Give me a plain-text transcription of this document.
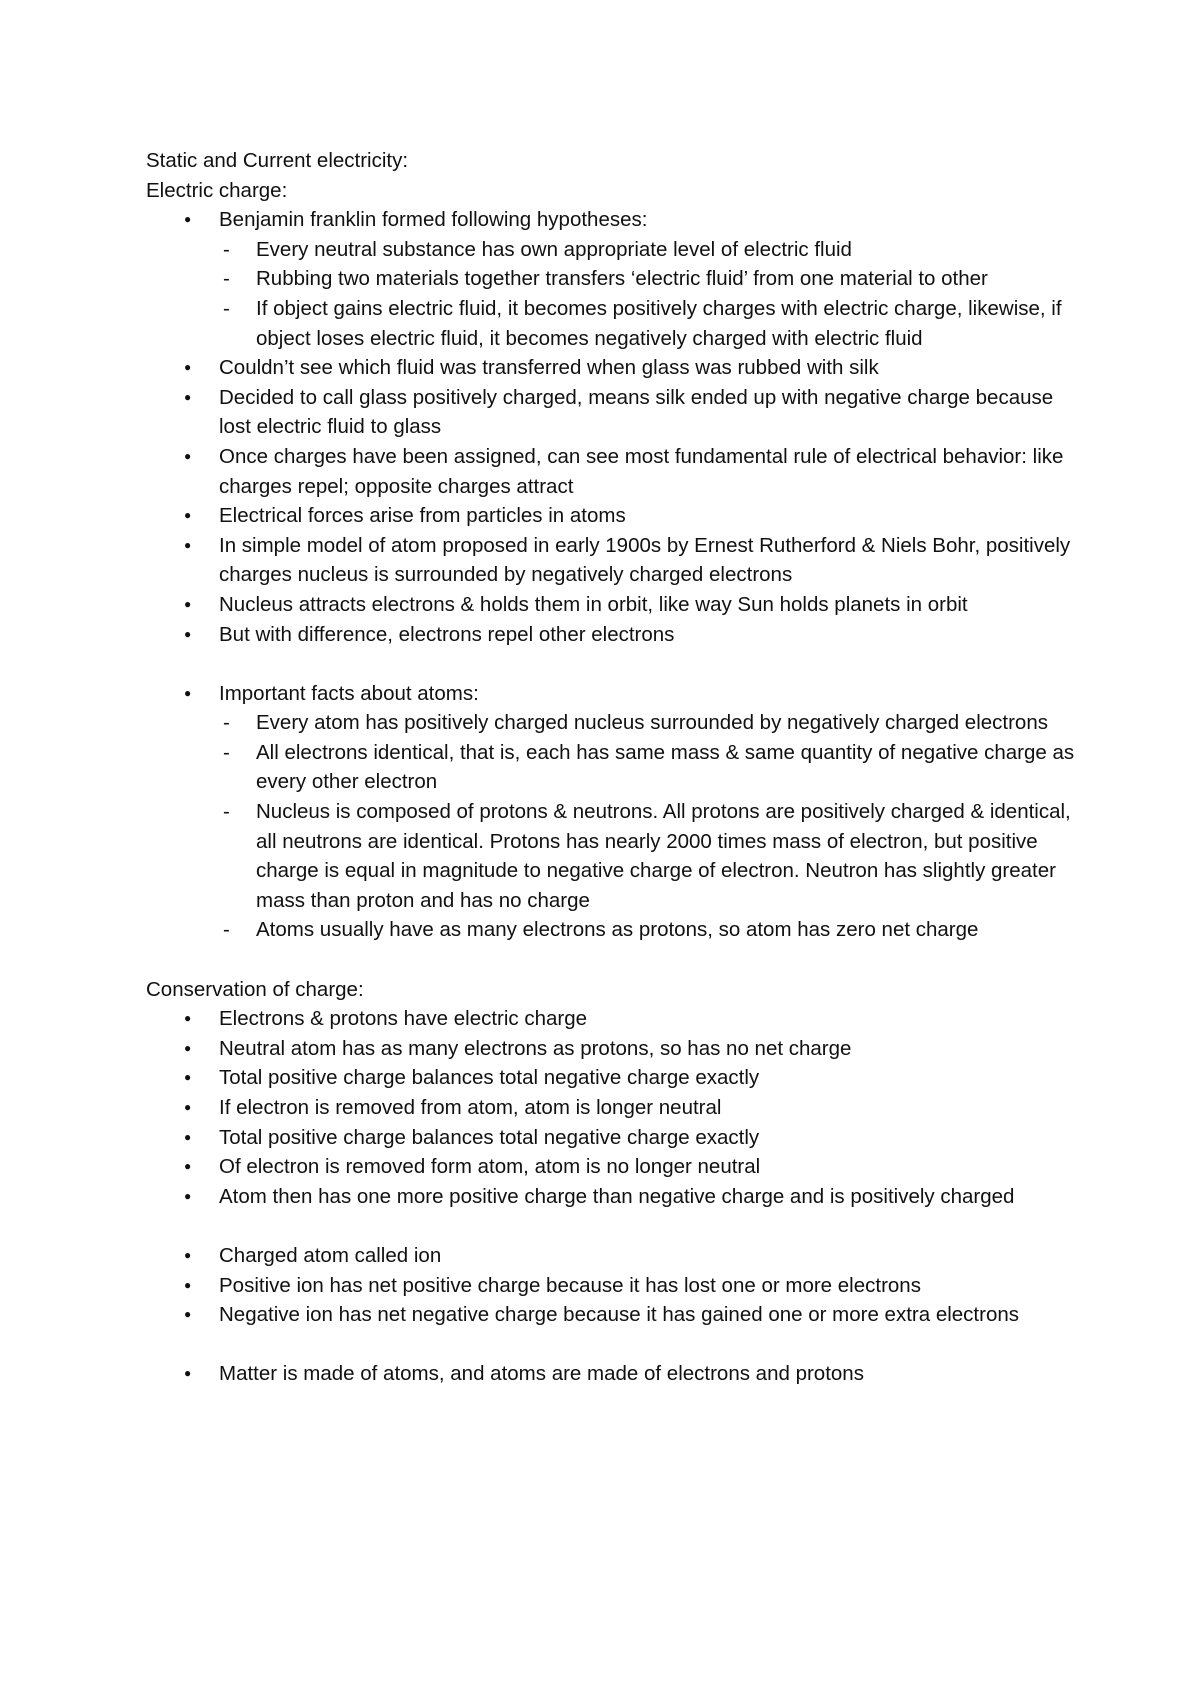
Static and Current electricity:

Electric charge:

● Benjamin franklin formed following hypotheses:
- Every neutral substance has own appropriate level of electric fluid
- Rubbing two materials together transfers ‘electric fluid’ from one material to other
- If object gains electric fluid, it becomes positively charges with electric charge, likewise, if object loses electric fluid, it becomes negatively charged with electric fluid
● Couldn’t see which fluid was transferred when glass was rubbed with silk
● Decided to call glass positively charged, means silk ended up with negative charge because lost electric fluid to glass
● Once charges have been assigned, can see most fundamental rule of electrical behavior: like charges repel; opposite charges attract
● Electrical forces arise from particles in atoms
● In simple model of atom proposed in early 1900s by Ernest Rutherford & Niels Bohr, positively charges nucleus is surrounded by negatively charged electrons
● Nucleus attracts electrons & holds them in orbit, like way Sun holds planets in orbit
● But with difference, electrons repel other electrons
● Important facts about atoms:
- Every atom has positively charged nucleus surrounded by negatively charged electrons
- All electrons identical, that is, each has same mass & same quantity of negative charge as every other electron
- Nucleus is composed of protons & neutrons. All protons are positively charged & identical, all neutrons are identical. Protons has nearly 2000 times mass of electron, but positive charge is equal in magnitude to negative charge of electron. Neutron has slightly greater mass than proton and has no charge
- Atoms usually have as many electrons as protons, so atom has zero net charge

Conservation of charge:

● Electrons & protons have electric charge
● Neutral atom has as many electrons as protons, so has no net charge
● Total positive charge balances total negative charge exactly
● If electron is removed from atom, atom is longer neutral
● Total positive charge balances total negative charge exactly
● Of electron is removed form atom, atom is no longer neutral
● Atom then has one more positive charge than negative charge and is positively charged
● Charged atom called ion
● Positive ion has net positive charge because it has lost one or more electrons
● Negative ion has net negative charge because it has gained one or more extra electrons
● Matter is made of atoms, and atoms are made of electrons and protons
